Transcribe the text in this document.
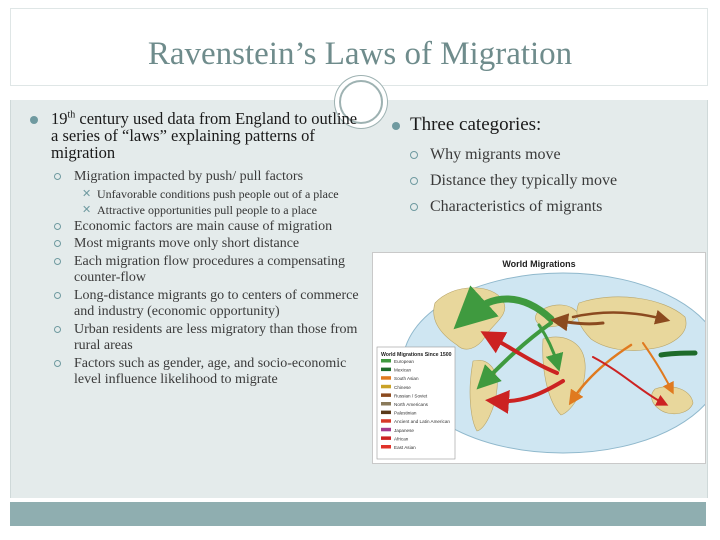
Ravenstein’s Laws of Migration
19th century used data from England to outline a series of “laws” explaining patterns of migration
Migration impacted by push/ pull factors
✕ Unfavorable conditions push people out of a place
✕ Attractive opportunities pull people to a place
Economic factors are main cause of migration
Most migrants move only short distance
Each migration flow procedures a compensating counter-flow
Long-distance migrants go to centers of commerce and industry (economic opportunity)
Urban residents are less migratory than those from rural areas
Factors such as gender, age, and socio-economic level influence likelihood to migrate
Three categories:
Why migrants move
Distance they typically move
Characteristics of migrants
World Migrations
World Migrations Since 1500
European
Mexican
South Asian
Chinese
Russian / Soviet
North Americans
Palestinian
Ancient and Latin American
Japanese
African
East Asian
